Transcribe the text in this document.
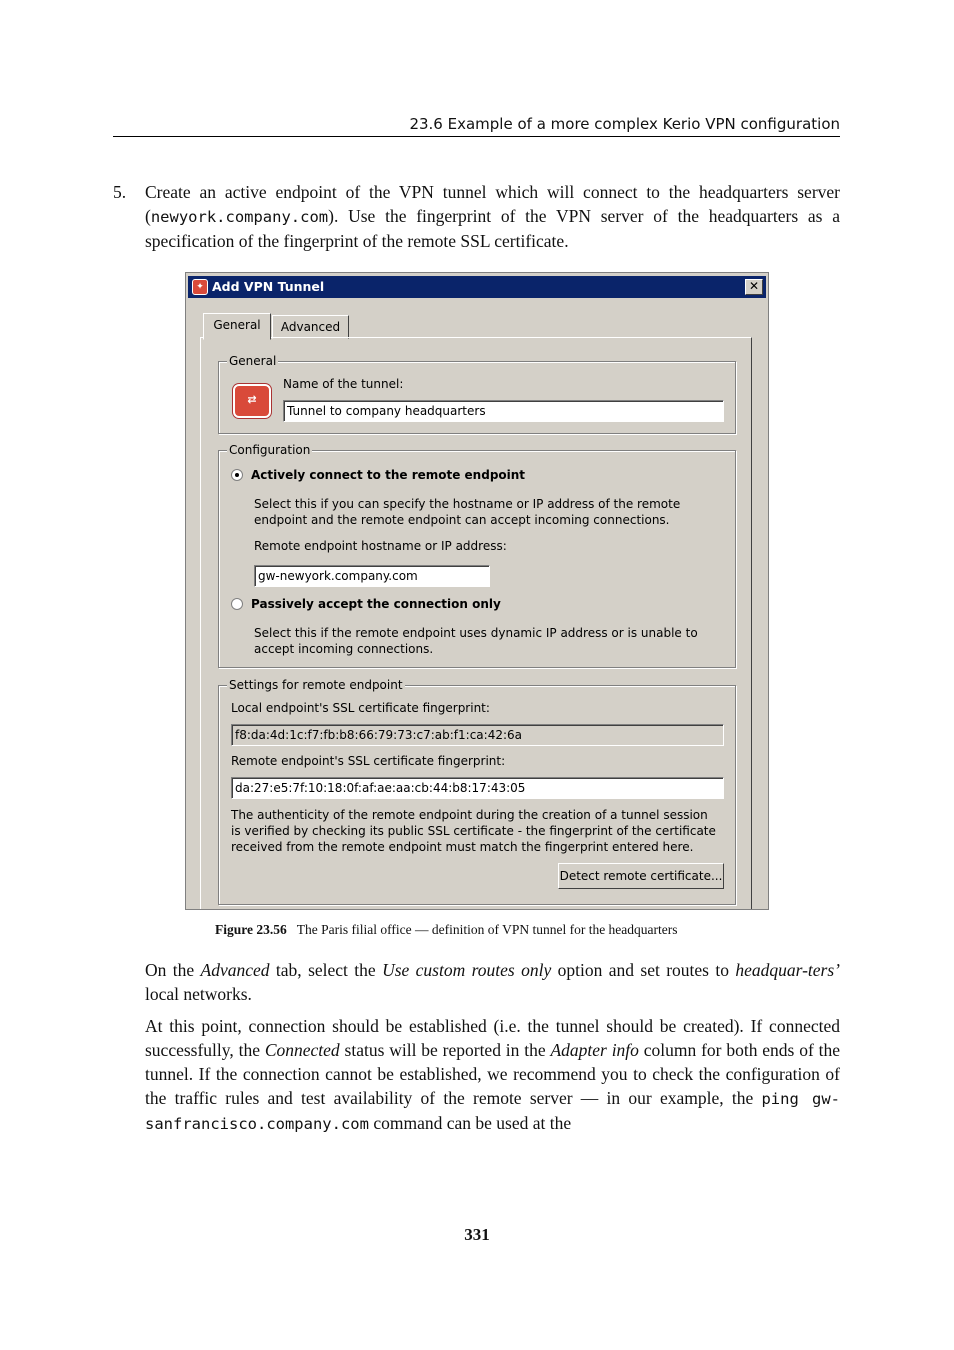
23.6 Example of a more complex Kerio VPN configuration
5. Create an active endpoint of the VPN tunnel which will connect to the headquarters server (newyork.company.com). Use the fingerprint of the VPN server of the headquarters as a specification of the fingerprint of the remote SSL certificate.
✦ Add VPN Tunnel	✕
General	Advanced
General
⇄
Name of the tunnel:
Tunnel to company headquarters
Configuration
Actively connect to the remote endpoint
Select this if you can specify the hostname or IP address of the remote endpoint and the remote endpoint can accept incoming connections.
Remote endpoint hostname or IP address:
gw-newyork.company.com
Passively accept the connection only
Select this if the remote endpoint uses dynamic IP address or is unable to accept incoming connections.
Settings for remote endpoint
Local endpoint's SSL certificate fingerprint:
f8:da:4d:1c:f7:fb:b8:66:79:73:c7:ab:f1:ca:42:6a
Remote endpoint's SSL certificate fingerprint:
da:27:e5:7f:10:18:0f:af:ae:aa:cb:44:b8:17:43:05
The authenticity of the remote endpoint during the creation of a tunnel session is verified by checking its public SSL certificate - the fingerprint of the certificate received from the remote endpoint must match the fingerprint entered here.
Detect remote certificate...
Figure 23.56 The Paris filial office — definition of VPN tunnel for the headquarters
On the Advanced tab, select the Use custom routes only option and set routes to headquar-ters’ local networks.
At this point, connection should be established (i.e. the tunnel should be created). If connected successfully, the Connected status will be reported in the Adapter info column for both ends of the tunnel. If the connection cannot be established, we recommend you to check the configuration of the traffic rules and test availability of the remote server — in our example, the ping gw-sanfrancisco.company.com command can be used at the
331
